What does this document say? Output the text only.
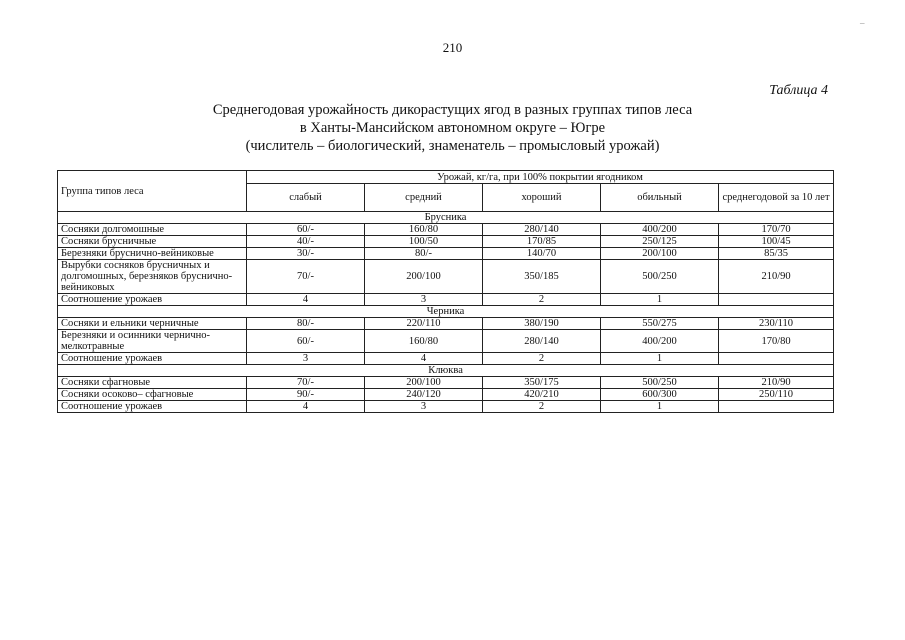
210
Таблица 4
Среднегодовая урожайность дикорастущих ягод в разных группах типов леса
в Ханты-Мансийском автономном округе – Югре
(числитель – биологический, знаменатель – промысловый урожай)
Группа типов леса	Урожай, кг/га, при 100% покрытии ягодником				
	слабый	средний	хороший	обильный	среднегодовой за 10 лет
Брусника					
Сосняки долгомошные	60/-	160/80	280/140	400/200	170/70
Сосняки брусничные	40/-	100/50	170/85	250/125	100/45
Березняки бруснично-вейниковые	30/-	80/-	140/70	200/100	85/35
Вырубки сосняков брусничных и долгомошных, березняков бруснично-вейниковых	70/-	200/100	350/185	500/250	210/90
Соотношение урожаев	4	3	2	1	
Черника					
Сосняки и ельники черничные	80/-	220/110	380/190	550/275	230/110
Березняки и осинники черничнo-мелкотравные	60/-	160/80	280/140	400/200	170/80
Соотношение урожаев	3	4	2	1	
Клюква					
Сосняки сфагновые	70/-	200/100	350/175	500/250	210/90
Сосняки осоково– сфагновые	90/-	240/120	420/210	600/300	250/110
Соотношение урожаев	4	3	2	1	
_
